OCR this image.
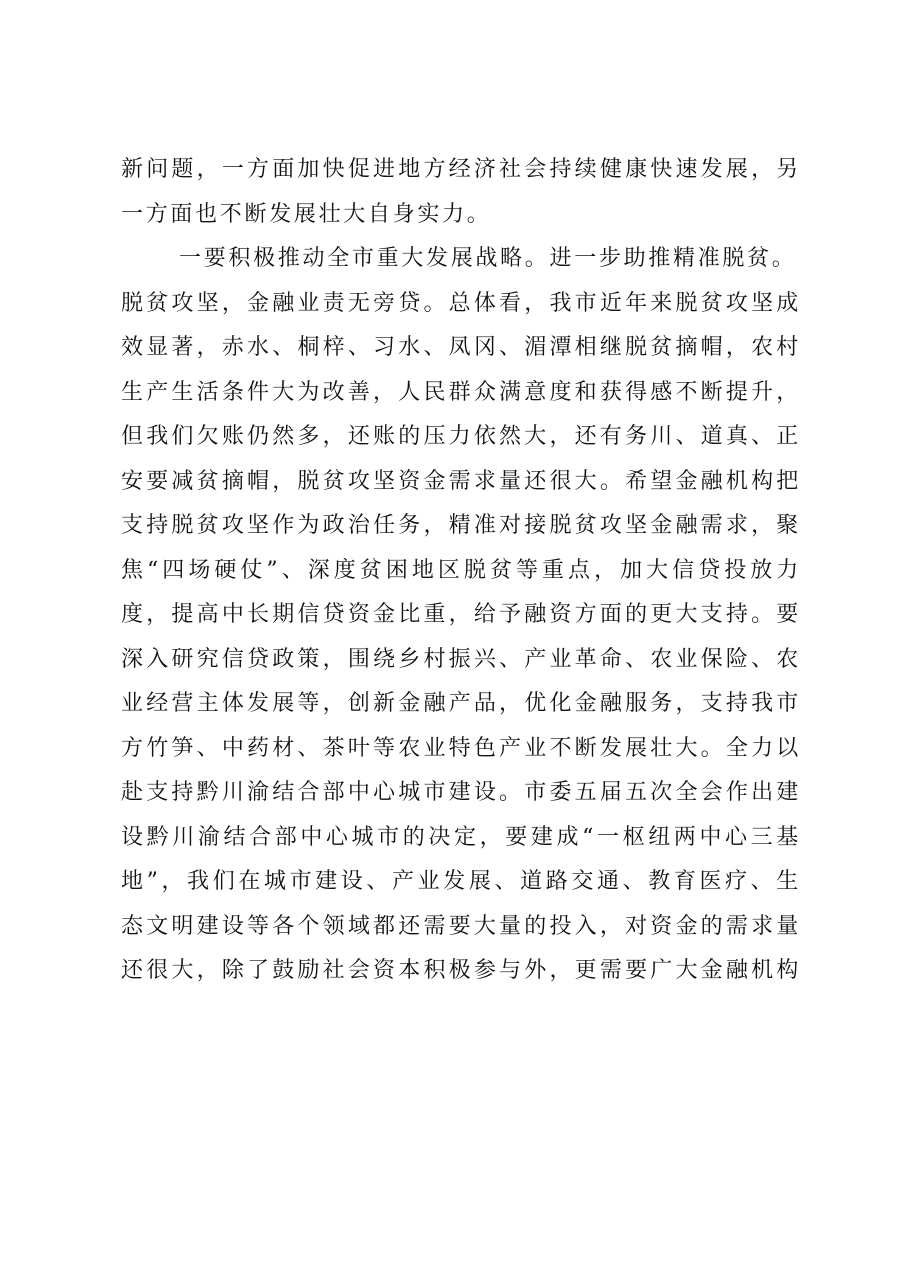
新问题，一方面加快促进地方经济社会持续健康快速发展，另
一方面也不断发展壮大自身实力。
一要积极推动全市重大发展战略。进一步助推精准脱贫。
脱贫攻坚，金融业责无旁贷。总体看，我市近年来脱贫攻坚成
效显著，赤水、桐梓、习水、凤冈、湄潭相继脱贫摘帽，农村
生产生活条件大为改善，人民群众满意度和获得感不断提升，
但我们欠账仍然多，还账的压力依然大，还有务川、道真、正
安要减贫摘帽，脱贫攻坚资金需求量还很大。希望金融机构把
支持脱贫攻坚作为政治任务，精准对接脱贫攻坚金融需求，聚
焦“四场硬仗”、深度贫困地区脱贫等重点，加大信贷投放力
度，提高中长期信贷资金比重，给予融资方面的更大支持。要
深入研究信贷政策，围绕乡村振兴、产业革命、农业保险、农
业经营主体发展等，创新金融产品，优化金融服务，支持我市
方竹笋、中药材、茶叶等农业特色产业不断发展壮大。全力以
赴支持黔川渝结合部中心城市建设。市委五届五次全会作出建
设黔川渝结合部中心城市的决定，要建成“一枢纽两中心三基
地”，我们在城市建设、产业发展、道路交通、教育医疗、生
态文明建设等各个领域都还需要大量的投入，对资金的需求量
还很大，除了鼓励社会资本积极参与外，更需要广大金融机构
